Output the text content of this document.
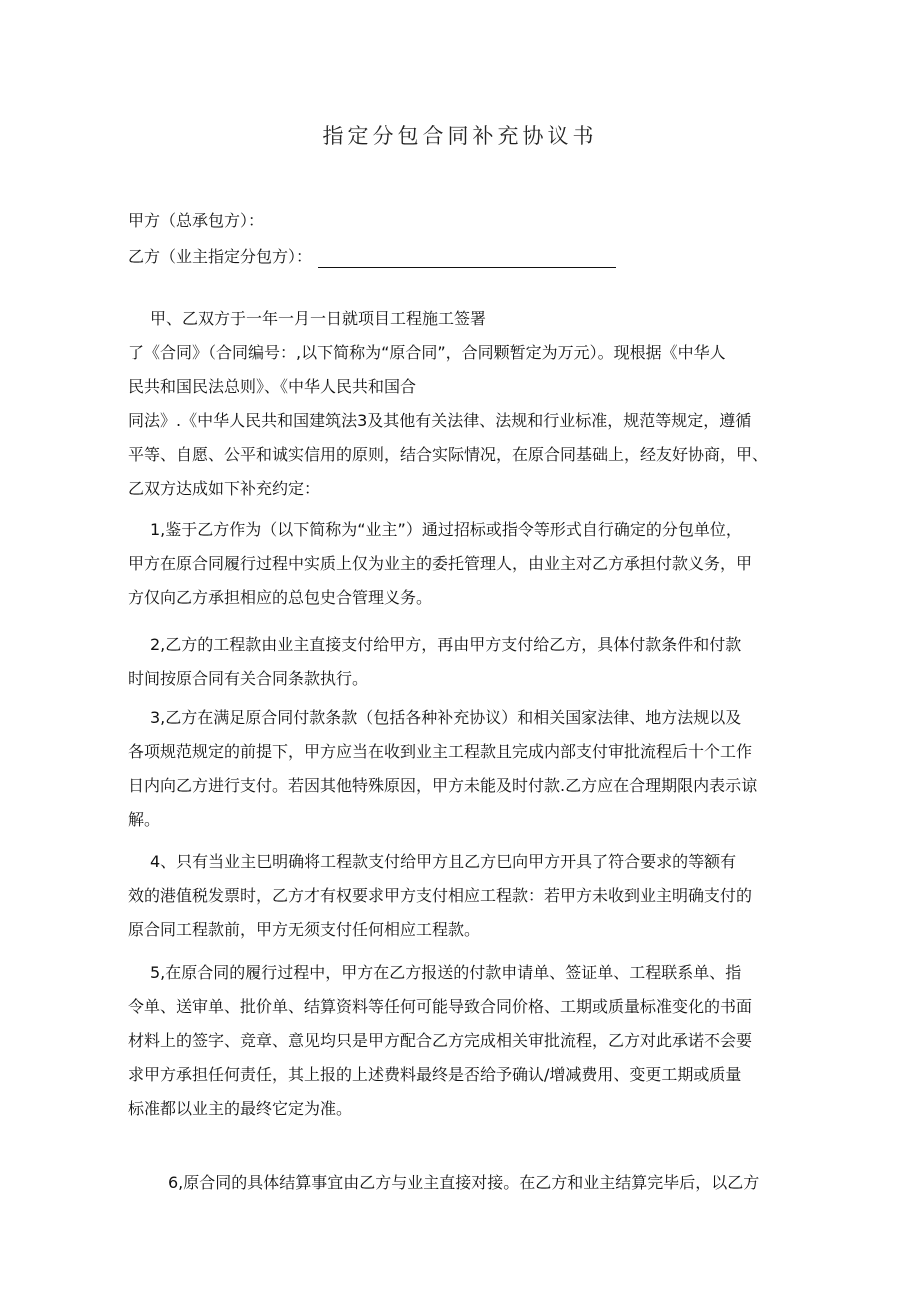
指定分包合同补充协议书
甲方（总承包方）：
乙方（业主指定分包方）：
甲、乙双方于一年一月一日就项目工程施工签署
了《合同》（合同编号：,以下简称为“原合同”，合同颗暂定为万元）。现根据《中华人
民共和国民法总则》、《中华人民共和国合
同法》.《中华人民共和国建筑法3及其他有关法律、法规和行业标准，规范等规定，遵循
平等、自愿、公平和诚实信用的原则，结合实际情况，在原合同基础上，经友好协商，甲、
乙双方达成如下补充约定：
1,鉴于乙方作为（以下简称为“业主”）通过招标或指令等形式自行确定的分包单位，
甲方在原合同履行过程中实质上仅为业主的委托管理人，由业主对乙方承担付款义务，甲
方仅向乙方承担相应的总包史合管理义务。
2,乙方的工程款由业主直接支付给甲方，再由甲方支付给乙方，具体付款条件和付款
时间按原合同有关合同条款执行。
3,乙方在满足原合同付款条款（包括各种补充协议）和相关国家法律、地方法规以及
各项规范规定的前提下，甲方应当在收到业主工程款且完成内部支付审批流程后十个工作
日内向乙方进行支付。若因其他特殊原因，甲方未能及时付款.乙方应在合理期限内表示谅
解。
4、只有当业主巳明确将工程款支付给甲方且乙方巳向甲方开具了符合要求的等额有
效的港值税发票时，乙方才有权要求甲方支付相应工程款：若甲方未收到业主明确支付的
原合同工程款前，甲方无须支付任何相应工程款。
5,在原合同的履行过程中，甲方在乙方报送的付款申请单、签证单、工程联系单、指
令单、送审单、批价单、结算资料等任何可能导致合同价格、工期或质量标准变化的书面
材料上的签字、竞章、意见均只是甲方配合乙方完成相关审批流程，乙方对此承诺不会要
求甲方承担任何责任，其上报的上述费料最终是否给予确认/增减费用、变更工期或质量
标准都以业主的最终它定为准。
6,原合同的具体结算事宜由乙方与业主直接对接。在乙方和业主结算完毕后，以乙方
